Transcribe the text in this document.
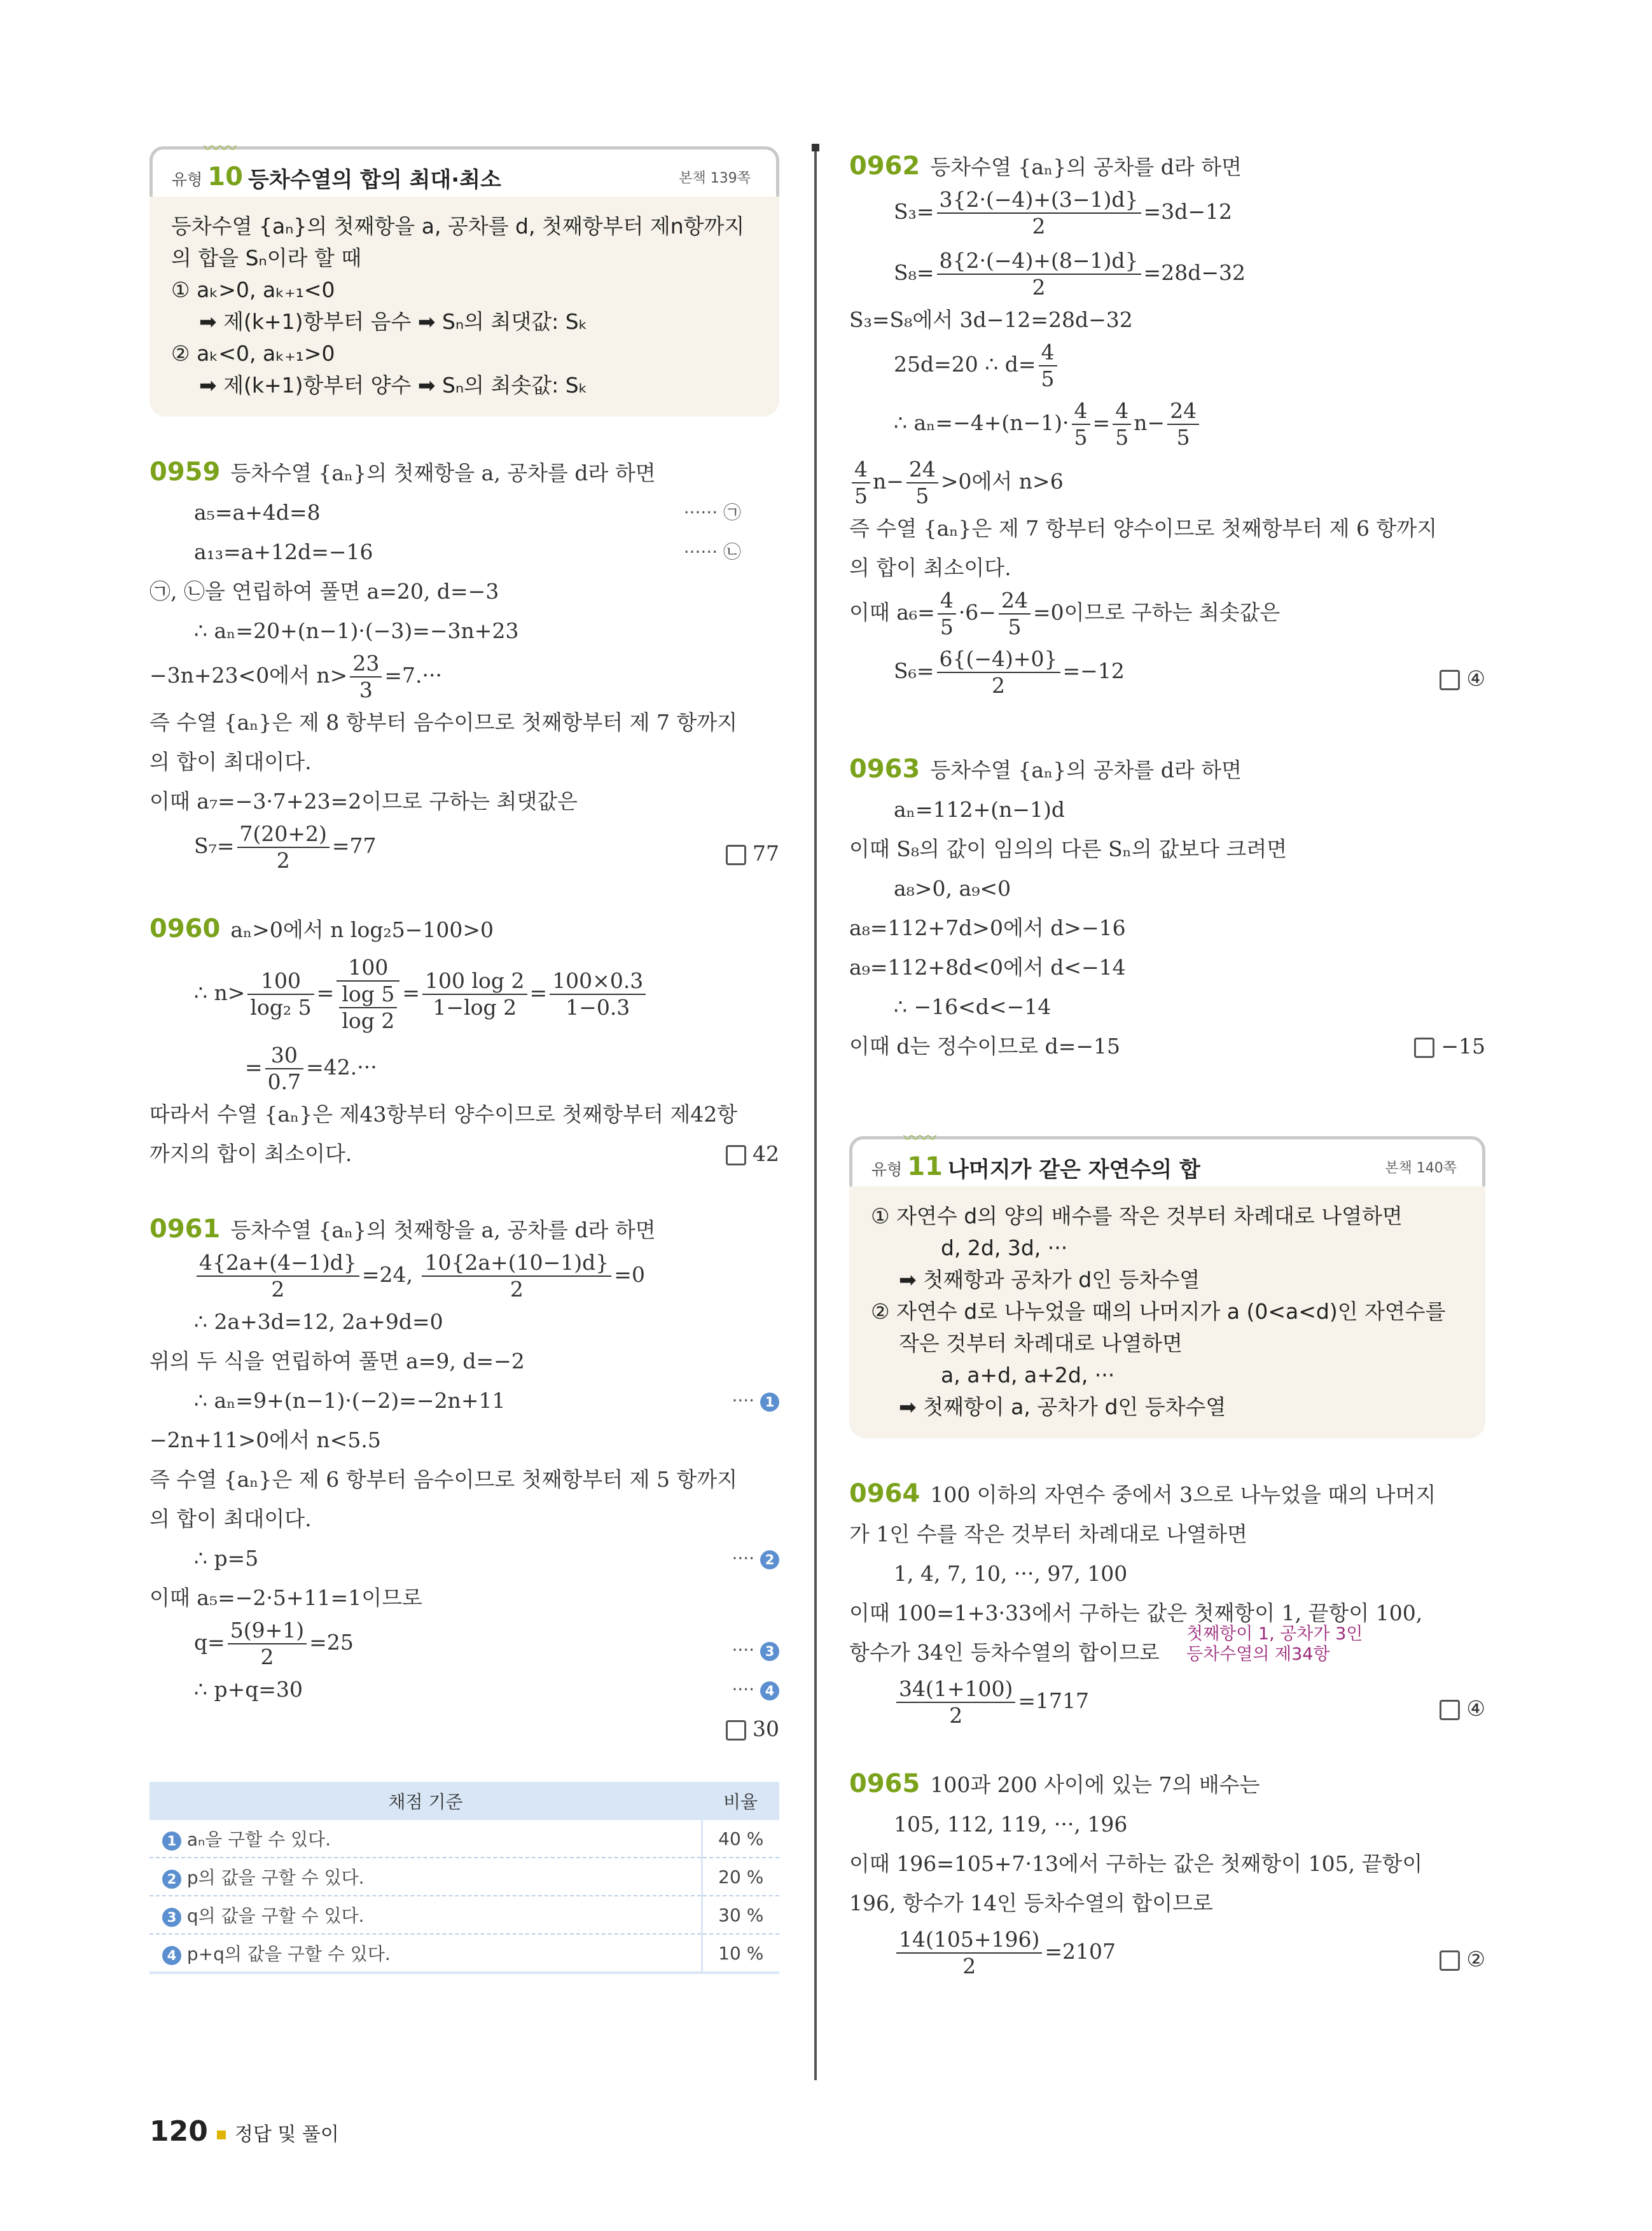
〰〰
유형 10 등차수열의 합의 최대·최소	본책 139쪽
등차수열 {aₙ}의 첫째항을 a, 공차를 d, 첫째항부터 제n항까지
의 합을 Sₙ이라 할 때
① aₖ>0, aₖ₊₁<0
➡ 제(k+1)항부터 음수 ➡ Sₙ의 최댓값: Sₖ
② aₖ<0, aₖ₊₁>0
➡ 제(k+1)항부터 양수 ➡ Sₙ의 최솟값: Sₖ
0959 등차수열 {aₙ}의 첫째항을 a, 공차를 d라 하면
a₅=a+4d=8	······ ㉠
a₁₃=a+12d=−16	······ ㉡
㉠, ㉡을 연립하여 풀면 a=20, d=−3
∴ aₙ=20+(n−1)·(−3)=−3n+23
−3n+23<0에서 $n> \frac{23}{3} =7.\cdot\cdot\cdot$
즉 수열 {aₙ}은 제 8 항부터 음수이므로 첫째항부터 제 7 항까지
의 합이 최대이다.
이때 a₇=−3·7+23=2이므로 구하는 최댓값은
$S_7= \frac{7(20+2)}{2} =77$	77
0960 aₙ>0에서 n log₂5−100>0
∴ $n> \frac{100}{\text{log₂ 5}} = \frac{100}{\frac{\log 5}{\log 2}} = \frac{100 \log 2}{1-\log 2} = \frac{100\times 0.3}{1-0.3}$
= $\frac{30}{0.7} =42.\cdot\cdot\cdot$
따라서 수열 {aₙ}은 제43항부터 양수이므로 첫째항부터 제42항
까지의 합이 최소이다.	42
0961 등차수열 {aₙ}의 첫째항을 a, 공차를 d라 하면
$\frac{4\{2a+(4-1)d\}}{2} =24$, $\frac{10\{2a+(10-1)d\}}{2} =0$
∴ 2a+3d=12, 2a+9d=0
위의 두 식을 연립하여 풀면 a=9, d=−2
∴ aₙ=9+(n−1)·(−2)=−2n+11	···· 1
−2n+11>0에서 n<5.5
즉 수열 {aₙ}은 제 6 항부터 음수이므로 첫째항부터 제 5 항까지
의 합이 최대이다.
∴ p=5	···· 2
이때 a₅=−2·5+11=1이므로
$q= \frac{5(9+1)}{2} =25$	···· 3
∴ p+q=30	···· 4

30
채점 기준	비율
1 aₙ을 구할 수 있다.	40 %
2 p의 값을 구할 수 있다.	20 %
3 q의 값을 구할 수 있다.	30 %
4 p+q의 값을 구할 수 있다.	10 %
0962 등차수열 {aₙ}의 공차를 d라 하면
$S_3= \frac{3\{2\cdot(-4)+(3-1)d\}}{2} =3d-12$
$S_8= \frac{8\{2\cdot(-4)+(8-1)d\}}{2} =28d-32$
S₃=S₈에서 3d−12=28d−32
25d=20 ∴ $d= \frac{4}{5}$
∴ $a_n=-4+(n-1)\cdot \frac{4}{5} = \frac{4}{5} n- \frac{24}{5}$
$\frac{4}{5} n- \frac{24}{5} >0$에서 n>6
즉 수열 {aₙ}은 제 7 항부터 양수이므로 첫째항부터 제 6 항까지
의 합이 최소이다.
이때 $a_6= \frac{4}{5} \cdot 6- \frac{24}{5} =0$이므로 구하는 최솟값은
$S_6= \frac{6\{(-4)+0\}}{2} =-12$	④
0963 등차수열 {aₙ}의 공차를 d라 하면
aₙ=112+(n−1)d
이때 S₈의 값이 임의의 다른 Sₙ의 값보다 크려면
a₈>0, a₉<0
a₈=112+7d>0에서 d>−16
a₉=112+8d<0에서 d<−14
∴ −16<d<−14
이때 d는 정수이므로 d=−15	−15
〰〰
유형 11 나머지가 같은 자연수의 합	본책 140쪽
① 자연수 d의 양의 배수를 작은 것부터 차례대로 나열하면
d, 2d, 3d, ···
➡ 첫째항과 공차가 d인 등차수열
② 자연수 d로 나누었을 때의 나머지가 a (0<a<d)인 자연수를
작은 것부터 차례대로 나열하면
a, a+d, a+2d, ···
➡ 첫째항이 a, 공차가 d인 등차수열
0964 100 이하의 자연수 중에서 3으로 나누었을 때의 나머지
가 1인 수를 작은 것부터 차례대로 나열하면
1, 4, 7, 10, ···, 97, 100
이때 100=1+3·33에서 구하는 값은 첫째항이 1, 끝항이 100,
항수가 34인 등차수열의 합이므로
첫째항이 1, 공차가 3인
등차수열의 제34항
$\frac{34(1+100)}{2} =1717$	④
0965 100과 200 사이에 있는 7의 배수는
105, 112, 119, ···, 196
이때 196=105+7·13에서 구하는 값은 첫째항이 105, 끝항이
196, 항수가 14인 등차수열의 합이므로
$\frac{14(105+196)}{2} =2107$	②
120 정답 및 풀이
